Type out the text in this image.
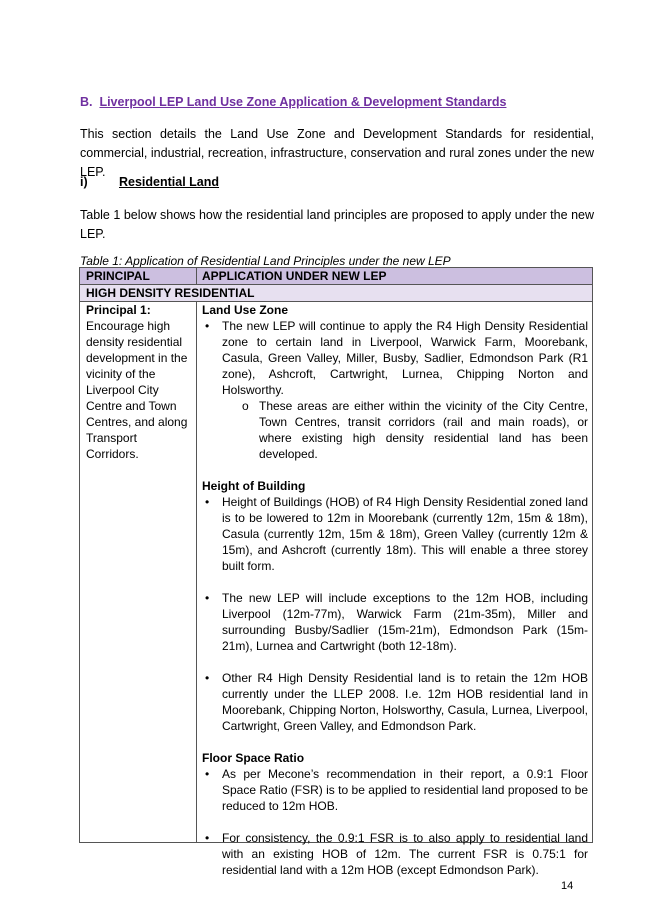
B. Liverpool LEP Land Use Zone Application & Development Standards
This section details the Land Use Zone and Development Standards for residential, commercial, industrial, recreation, infrastructure, conservation and rural zones under the new LEP.
i)	Residential Land
Table 1 below shows how the residential land principles are proposed to apply under the new LEP.
Table 1: Application of Residential Land Principles under the new LEP
PRINCIPAL	APPLICATION UNDER NEW LEP
HIGH DENSITY RESIDENTIAL
Principal 1:
Encourage high density residential development in the vicinity of the Liverpool City Centre and Town Centres, and along Transport Corridors.
Land Use Zone
• The new LEP will continue to apply the R4 High Density Residential zone to certain land in Liverpool, Warwick Farm, Moorebank, Casula, Green Valley, Miller, Busby, Sadlier, Edmondson Park (R1 zone), Ashcroft, Cartwright, Lurnea, Chipping Norton and Holsworthy.
o These areas are either within the vicinity of the City Centre, Town Centres, transit corridors (rail and main roads), or where existing high density residential land has been developed.
Height of Building
• Height of Buildings (HOB) of R4 High Density Residential zoned land is to be lowered to 12m in Moorebank (currently 12m, 15m & 18m), Casula (currently 12m, 15m & 18m), Green Valley (currently 12m & 15m), and Ashcroft (currently 18m). This will enable a three storey built form.
• The new LEP will include exceptions to the 12m HOB, including Liverpool (12m-77m), Warwick Farm (21m-35m), Miller and surrounding Busby/Sadlier (15m-21m), Edmondson Park (15m-21m), Lurnea and Cartwright (both 12-18m).
• Other R4 High Density Residential land is to retain the 12m HOB currently under the LLEP 2008. I.e. 12m HOB residential land in Moorebank, Chipping Norton, Holsworthy, Casula, Lurnea, Liverpool, Cartwright, Green Valley, and Edmondson Park.
Floor Space Ratio
• As per Mecone’s recommendation in their report, a 0.9:1 Floor Space Ratio (FSR) is to be applied to residential land proposed to be reduced to 12m HOB.
• For consistency, the 0.9:1 FSR is to also apply to residential land with an existing HOB of 12m. The current FSR is 0.75:1 for residential land with a 12m HOB (except Edmondson Park).
14
